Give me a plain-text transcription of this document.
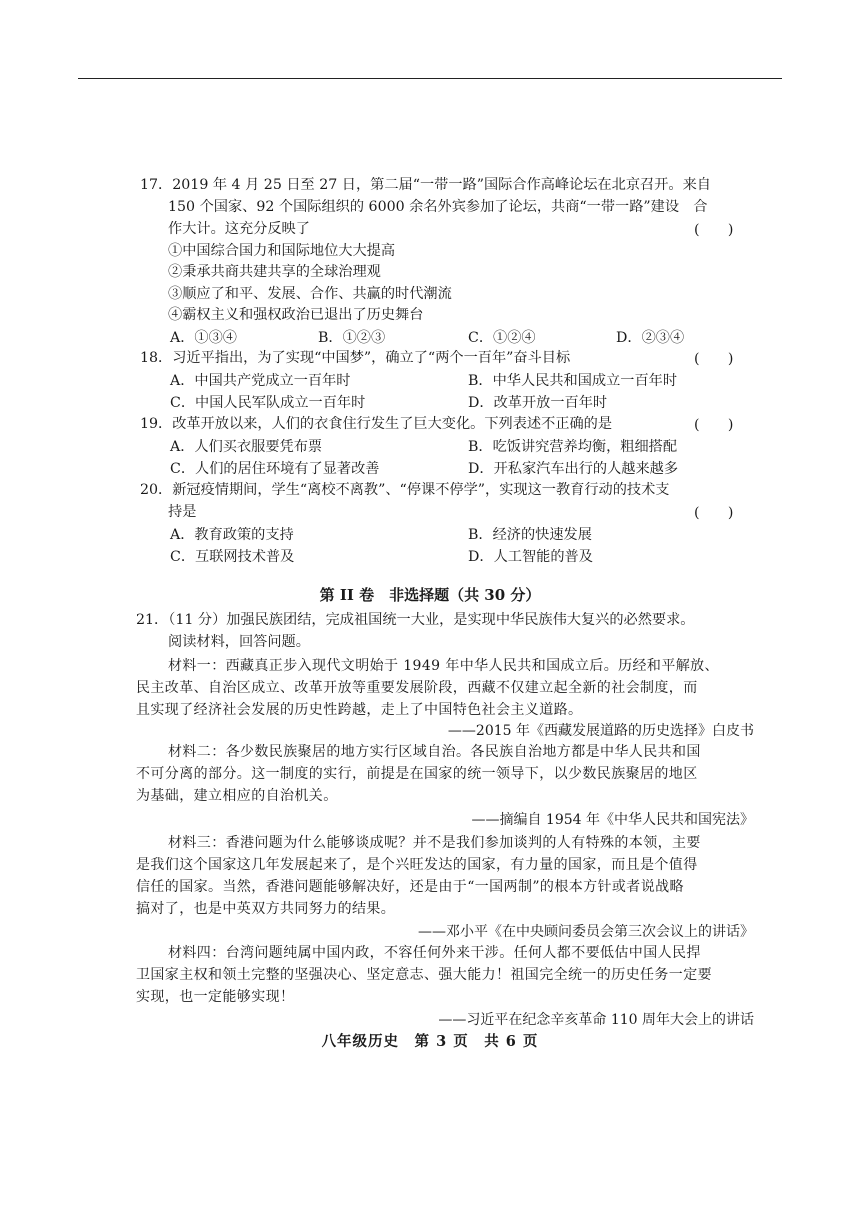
17．2019 年 4 月 25 日至 27 日，第二届“一带一路”国际合作高峰论坛在北京召开。来自
150 个国家、92 个国际组织的 6000 余名外宾参加了论坛，共商“一带一路”建设　合
作大计。这充分反映了	(　　)
①中国综合国力和国际地位大大提高
②秉承共商共建共享的全球治理观
③顺应了和平、发展、合作、共赢的时代潮流
④霸权主义和强权政治已退出了历史舞台
A．①③④	B．①②③	C．①②④	D．②③④
18．习近平指出，为了实现“中国梦”，确立了“两个一百年”奋斗目标	(　　)
A．中国共产党成立一百年时	B．中华人民共和国成立一百年时
C．中国人民军队成立一百年时	D．改革开放一百年时
19．改革开放以来，人们的衣食住行发生了巨大变化。下列表述不正确的是	(　　)
A．人们买衣服要凭布票	B．吃饭讲究营养均衡，粗细搭配
C．人们的居住环境有了显著改善	D．开私家汽车出行的人越来越多
20．新冠疫情期间，学生“离校不离教”、“停课不停学”，实现这一教育行动的技术支
持是	(　　)
A．教育政策的支持	B．经济的快速发展
C．互联网技术普及	D．人工智能的普及
第 II 卷　非选择题（共 30 分）
21．（11 分）加强民族团结，完成祖国统一大业，是实现中华民族伟大复兴的必然要求。
阅读材料，回答问题。
材料一：西藏真正步入现代文明始于 1949 年中华人民共和国成立后。历经和平解放、
民主改革、自治区成立、改革开放等重要发展阶段，西藏不仅建立起全新的社会制度，而
且实现了经济社会发展的历史性跨越，走上了中国特色社会主义道路。
——2015 年《西藏发展道路的历史选择》白皮书
材料二：各少数民族聚居的地方实行区域自治。各民族自治地方都是中华人民共和国
不可分离的部分。这一制度的实行，前提是在国家的统一领导下，以少数民族聚居的地区
为基础，建立相应的自治机关。
——摘编自 1954 年《中华人民共和国宪法》
材料三：香港问题为什么能够谈成呢？并不是我们参加谈判的人有特殊的本领，主要
是我们这个国家这几年发展起来了，是个兴旺发达的国家，有力量的国家，而且是个值得
信任的国家。当然，香港问题能够解决好，还是由于“一国两制”的根本方针或者说战略
搞对了，也是中英双方共同努力的结果。
——邓小平《在中央顾问委员会第三次会议上的讲话》
材料四：台湾问题纯属中国内政，不容任何外来干涉。任何人都不要低估中国人民捍
卫国家主权和领土完整的坚强决心、坚定意志、强大能力！祖国完全统一的历史任务一定要
实现，也一定能够实现！
——习近平在纪念辛亥革命 110 周年大会上的讲话
八年级历史　第 3 页　共 6 页
